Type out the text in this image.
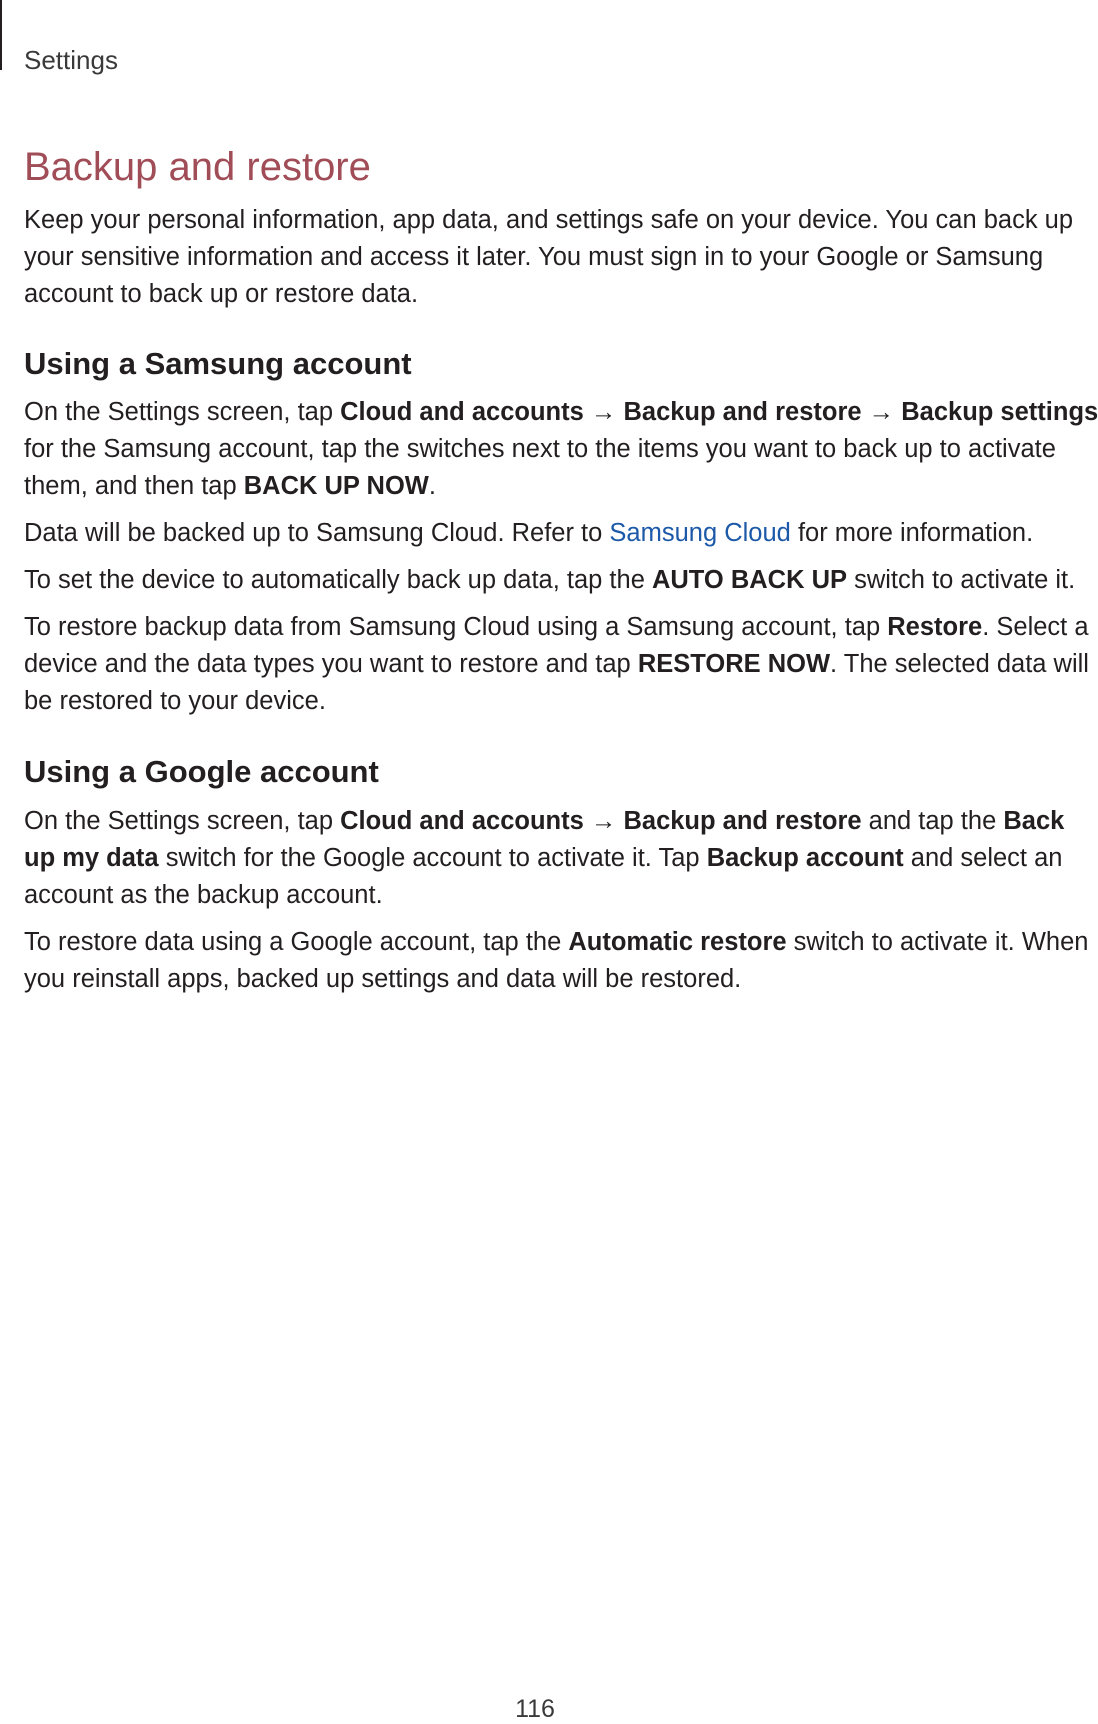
Settings
Backup and restore
Keep your personal information, app data, and settings safe on your device. You can back up
your sensitive information and access it later. You must sign in to your Google or Samsung
account to back up or restore data.
Using a Samsung account
On the Settings screen, tap Cloud and accounts → Backup and restore → Backup settings
for the Samsung account, tap the switches next to the items you want to back up to activate
them, and then tap BACK UP NOW.
Data will be backed up to Samsung Cloud. Refer to Samsung Cloud for more information.
To set the device to automatically back up data, tap the AUTO BACK UP switch to activate it.
To restore backup data from Samsung Cloud using a Samsung account, tap Restore. Select a
device and the data types you want to restore and tap RESTORE NOW. The selected data will
be restored to your device.
Using a Google account
On the Settings screen, tap Cloud and accounts → Backup and restore and tap the Back
up my data switch for the Google account to activate it. Tap Backup account and select an
account as the backup account.
To restore data using a Google account, tap the Automatic restore switch to activate it. When
you reinstall apps, backed up settings and data will be restored.
116
